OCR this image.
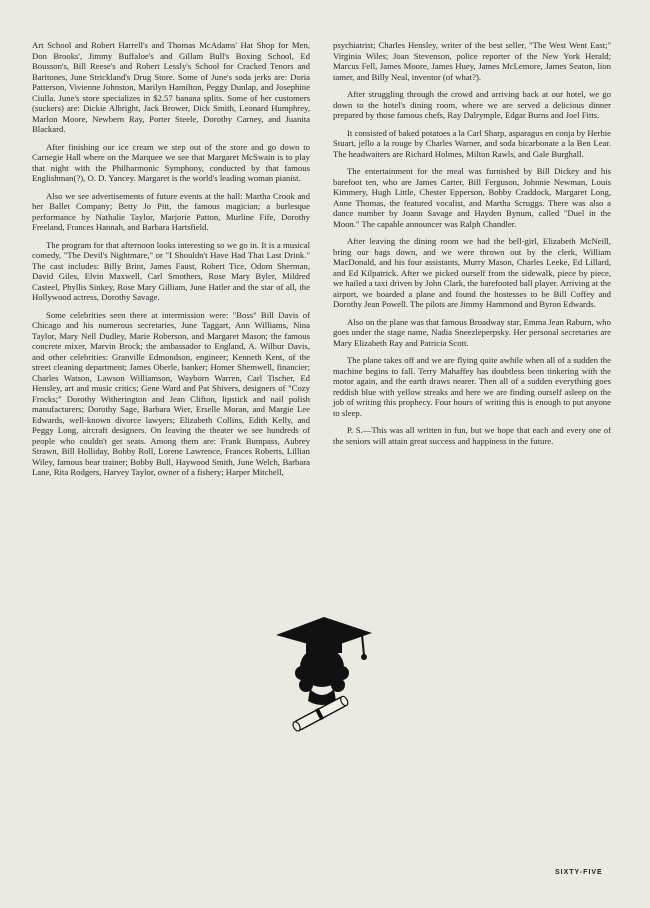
Art School and Robert Harrell's and Thomas McAdams' Hat Shop for Men, Don Brooks', Jimmy Buffaloe's and Gillam Bull's Boxing School, Ed Bousson's, Bill Reese's and Robert Lessly's School for Cracked Tenors and Baritones, June Strickland's Drug Store. Some of June's soda jerks are: Doria Patterson, Vivienne Johnston, Marilyn Hamilton, Peggy Dunlap, and Josephine Ciulla. June's store specializes in $2.57 banana splits. Some of her customers (suckers) are: Dickie Albright, Jack Brower, Dick Smith, Leonard Humphrey, Marlon Moore, Newbern Ray, Porter Steele, Dorothy Carney, and Juanita Blackard.

After finishing our ice cream we step out of the store and go down to Carnegie Hall where on the Marquee we see that Margaret McSwain is to play that night with the Philharmonic Symphony, conducted by that famous Englishman(?), O. D. Yancey. Margaret is the world's leading woman pianist.

Also we see advertisements of future events at the hall: Martha Crook and her Ballet Company; Betty Jo Pitt, the famous magician; a burlesque performance by Nathalie Taylor, Marjorie Patton, Murline Fife, Dorothy Freeland, Frances Hannah, and Barbara Hartsfield.

The program for that afternoon looks interesting so we go in. It is a musical comedy, "The Devil's Nightmare," or "I Shouldn't Have Had That Last Drink." The cast includes: Billy Brint, James Faust, Robert Tice, Odom Sherman, David Giles, Elvin Maxwell, Carl Smothers, Rose Mary Byler, Mildred Casteel, Phyllis Sinkey, Rose Mary Gilliam, June Hatler and the star of all, the Hollywood actress, Dorothy Savage.

Some celebrities seen there at intermission were: "Boss" Bill Davis of Chicago and his numerous secretaries, June Taggart, Ann Williams, Nina Taylor, Mary Nell Dudley, Marie Roberson, and Margaret Mason; the famous concrete mixer, Marvin Brock; the ambassador to England, A. Wilbur Davis, and other celebrities: Granville Edmondson, engineer; Kenneth Kent, of the street cleaning department; James Oberle, banker; Homer Shemwell, financier; Charles Watson, Lawson Williamson, Wayborn Warren, Carl Tischer, Ed Hensley, art and music critics; Gene Ward and Pat Shivers, designers of "Cozy Frocks;" Dorothy Witherington and Jean Clifton, lipstick and nail polish manufacturers; Dorothy Sage, Barbara Wier, Erselle Moran, and Margie Lee Edwards, well-known divorce lawyers; Elizabeth Collins, Edith Kelly, and Peggy Long, aircraft designers. On leaving the theater we see hundreds of people who couldn't get seats. Among them are: Frank Bumpass, Aubrey Strawn, Bill Holliday, Bobby Roll, Lorene Lawrence, Frances Roberts, Lillian Wiley, famous bear trainer; Bobby Bull, Haywood Smith, June Welch, Barbara Lane, Rita Rodgers, Harvey Taylor, owner of a fishery; Harper Mitchell,

psychiatrist; Charles Hensley, writer of the best seller, "The West Went East;" Virginia Wiles; Joan Stevenson, police reporter of the New York Herald; Marcus Fell, James Moore, James Huey, James McLemore, James Seaton, lion tamer, and Billy Neal, inventor (of what?).

After struggling through the crowd and arriving back at our hotel, we go down to the hotel's dining room, where we are served a delicious dinner prepared by those famous chefs, Ray Dalrymple, Edgar Burns and Joel Fitts.

It consisted of baked potatoes a la Carl Sharp, asparagus en conja by Herbie Stuart, jello a la rouge by Charles Warner, and soda bicarbonate a la Ben Lear. The headwaiters are Richard Holmes, Milton Rawls, and Gale Burghall.

The entertainment for the meal was furnished by Bill Dickey and his barefoot ten, who are James Carter, Bill Ferguson, Johnnie Newman, Louis Kimmery, Hugh Little, Chester Epperson, Bobby Craddock, Margaret Long, Anne Thomas, the featured vocalist, and Martha Scruggs. There was also a dance number by Joann Savage and Hayden Bynum, called "Duel in the Moon." The capable announcer was Ralph Chandler.

After leaving the dining room we had the bell-girl, Elizabeth McNeill, bring our bags down, and we were thrown out by the clerk, William MacDonald, and his four assistants, Murry Mason, Charles Leeke, Ed Lillard, and Ed Kilpatrick. After we picked ourself from the sidewalk, piece by piece, we hailed a taxi driven by John Clark, the barefooted ball player. Arriving at the airport, we boarded a plane and found the hostesses to be Bill Coffey and Dorothy Jean Powell. The pilots are Jimmy Hammond and Byron Edwards.

Also on the plane was that famous Broadway star, Emma Jean Raburn, who goes under the stage name, Nadia Sneezleperpsky. Her personal secretaries are Mary Elizabeth Ray and Patricia Scott.

The plane takes off and we are flying quite awhile when all of a sudden the machine begins to fall. Terry Mahaffey has doubtless been tinkering with the motor again, and the earth draws nearer. Then all of a sudden everything goes reddish blue with yellow streaks and here we are finding ourself asleep on the job of writing this prophecy. Four hours of writing this is enough to put anyone to sleep.

P. S.—This was all written in fun, but we hope that each and every one of the seniors will attain great success and happiness in the future.

SIXTY-FIVE
